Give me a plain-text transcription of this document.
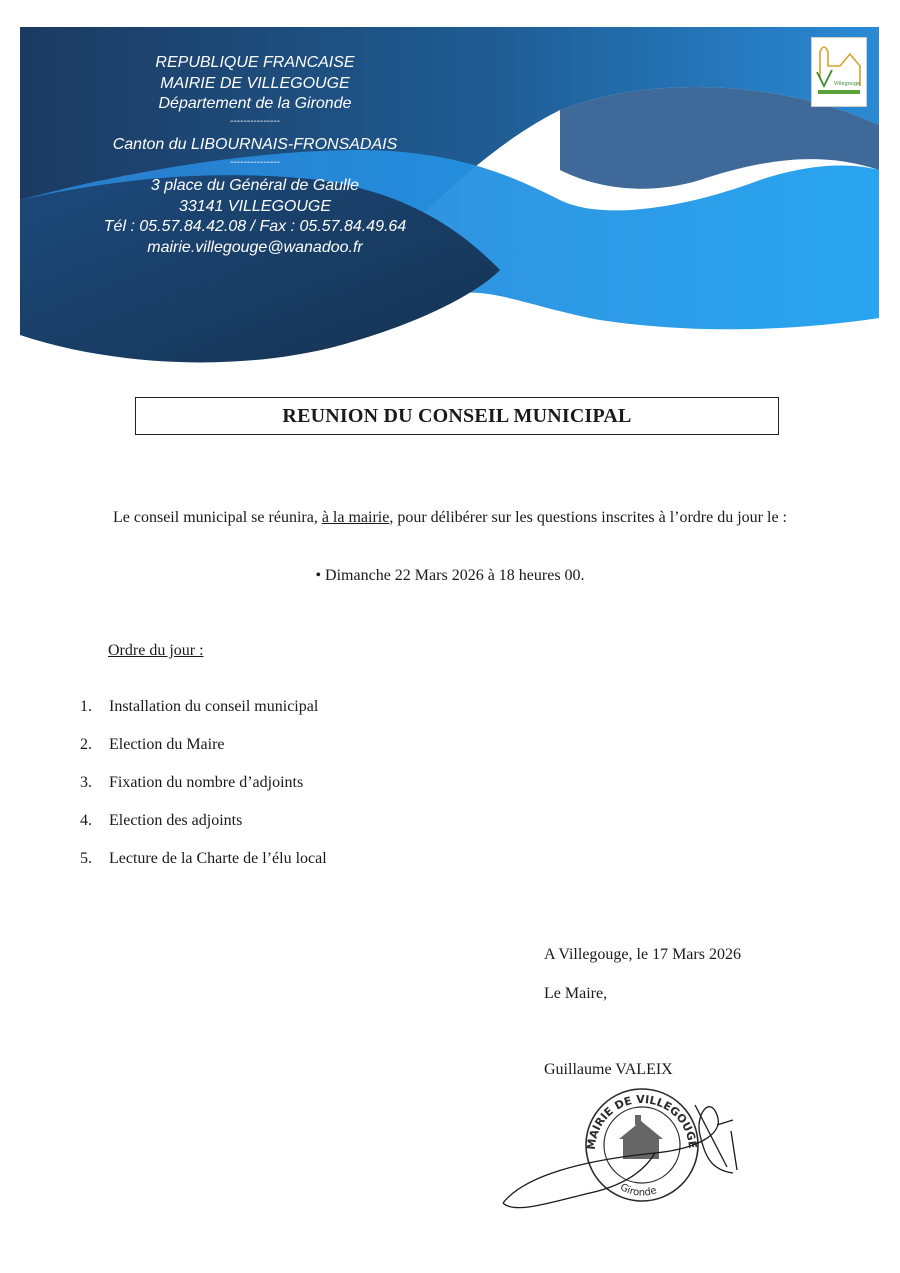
REPUBLIQUE FRANCAISE
MAIRIE DE VILLEGOUGE
Département de la Gironde
---------------
Canton du LIBOURNAIS-FRONSADAIS
---------------
3 place du Général de Gaulle
33141 VILLEGOUGE
Tél : 05.57.84.42.08 / Fax : 05.57.84.49.64
mairie.villegouge@wanadoo.fr
Villegouge
REUNION DU CONSEIL MUNICIPAL
Le conseil municipal se réunira, à la mairie, pour délibérer sur les questions inscrites à l’ordre du jour le :
• Dimanche 22 Mars 2026 à 18 heures 00.
Ordre du jour :
1.	Installation du conseil municipal
2.	Election du Maire
3.	Fixation du nombre d’adjoints
4.	Election des adjoints
5.	Lecture de la Charte de l’élu local
A Villegouge, le 17 Mars 2026
Le Maire,
Guillaume VALEIX
MAIRIE DE VILLEGOUGE
Gironde
